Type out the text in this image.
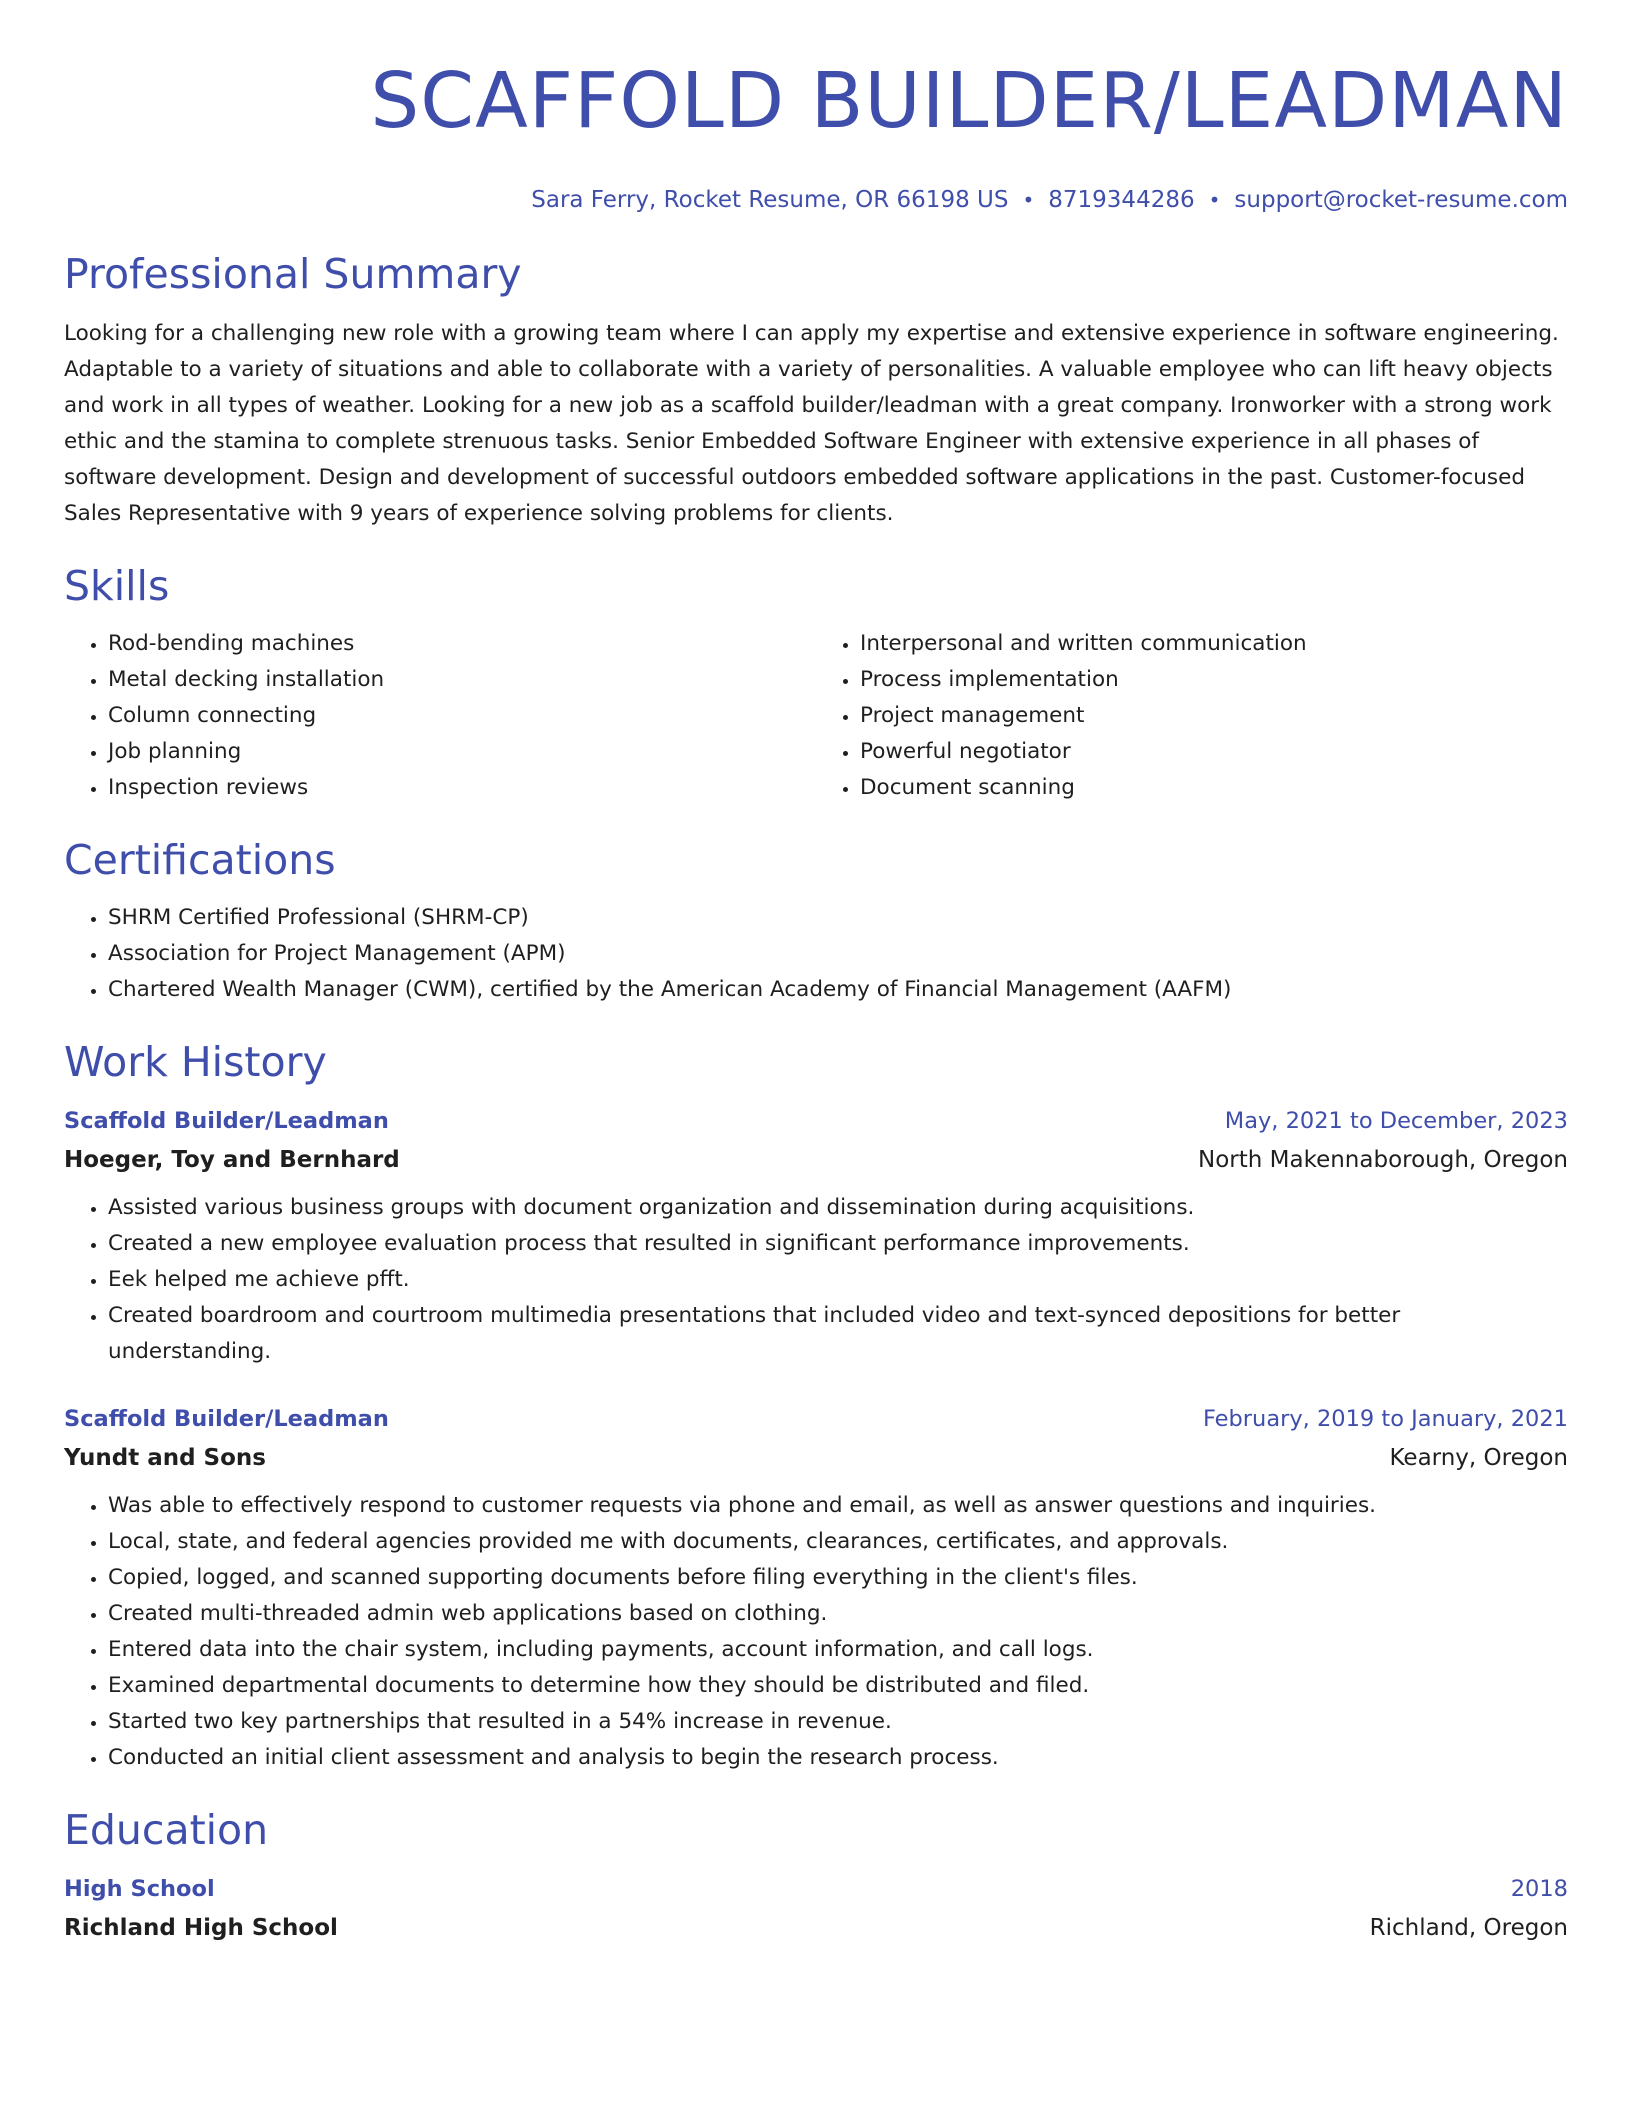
SCAFFOLD BUILDER/LEADMAN
Sara Ferry, Rocket Resume, OR 66198 US • 8719344286 • support@rocket-resume.com
Professional Summary

Looking for a challenging new role with a growing team where I can apply my expertise and extensive experience in software engineering. Adaptable to a variety of situations and able to collaborate with a variety of personalities. A valuable employee who can lift heavy objects and work in all types of weather. Looking for a new job as a scaffold builder/leadman with a great company. Ironworker with a strong work ethic and the stamina to complete strenuous tasks. Senior Embedded Software Engineer with extensive experience in all phases of software development. Design and development of successful outdoors embedded software applications in the past. Customer-focused Sales Representative with 9 years of experience solving problems for clients.

Skills
• Rod-bending machines
• Metal decking installation
• Column connecting
• Job planning
• Inspection reviews
• Interpersonal and written communication
• Process implementation
• Project management
• Powerful negotiator
• Document scanning
Certifications
• SHRM Certified Professional (SHRM-CP)
• Association for Project Management (APM)
• Chartered Wealth Manager (CWM), certified by the American Academy of Financial Management (AAFM)
Work History
Scaffold Builder/Leadman	May, 2021 to December, 2023
Hoeger, Toy and Bernhard	North Makennaborough, Oregon
• Assisted various business groups with document organization and dissemination during acquisitions.
• Created a new employee evaluation process that resulted in significant performance improvements.
• Eek helped me achieve pfft.
• Created boardroom and courtroom multimedia presentations that included video and text-synced depositions for better understanding.
Scaffold Builder/Leadman	February, 2019 to January, 2021
Yundt and Sons	Kearny, Oregon
• Was able to effectively respond to customer requests via phone and email, as well as answer questions and inquiries.
• Local, state, and federal agencies provided me with documents, clearances, certificates, and approvals.
• Copied, logged, and scanned supporting documents before filing everything in the client's files.
• Created multi-threaded admin web applications based on clothing.
• Entered data into the chair system, including payments, account information, and call logs.
• Examined departmental documents to determine how they should be distributed and filed.
• Started two key partnerships that resulted in a 54% increase in revenue.
• Conducted an initial client assessment and analysis to begin the research process.
Education
High School	2018
Richland High School	Richland, Oregon
